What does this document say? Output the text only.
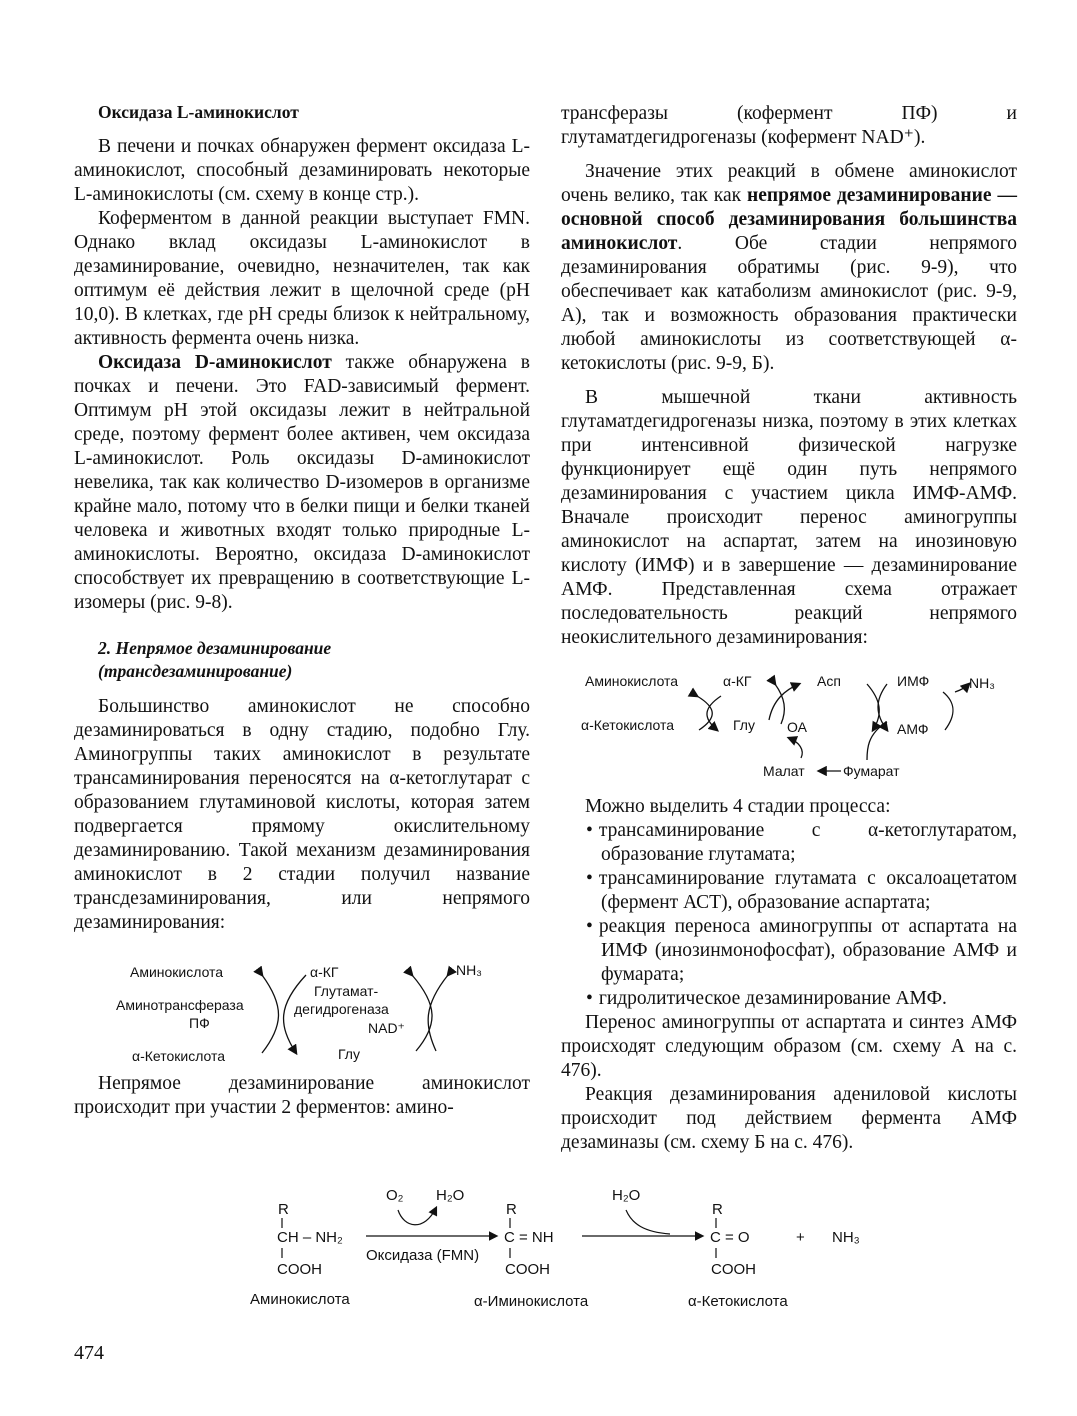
Оксидаза L-аминокислот

В печени и почках обнаружен фермент оксидаза L-аминокислот, способный дезаминировать некоторые L-аминокислоты (см. схему в конце стр.).

Коферментом в данной реакции выступает FMN. Однако вклад оксидазы L-аминокислот в дезаминирование, очевидно, незначителен, так как оптимум её действия лежит в щелочной среде (pH 10,0). В клетках, где pH среды близок к нейтральному, активность фермента очень низка.

Оксидаза D-аминокислот также обнаружена в почках и печени. Это FAD-зависимый фермент. Оптимум pH этой оксидазы лежит в нейтральной среде, поэтому фермент более активен, чем оксидаза L-аминокислот. Роль оксидазы D-аминокислот невелика, так как количество D-изомеров в организме крайне мало, потому что в белки пищи и белки тканей человека и животных входят только природные L-аминокислоты. Вероятно, оксидаза D-аминокислот способствует их превращению в соответствующие L-изомеры (рис. 9-8).

2. Непрямое дезаминирование
(трансдезаминирование)

Большинство аминокислот не способно дезаминироваться в одну стадию, подобно Глу. Аминогруппы таких аминокислот в результате трансаминирования переносятся на α-кетоглутарат с образованием глутаминовой кислоты, которая затем подвергается прямому окислительному дезаминированию. Такой механизм дезаминирования аминокислот в 2 стадии получил название трансдезаминирования, или непрямого дезаминирования:

Аминокислота
Аминотрансфераза
ПФ
α-Кетокислота
α-КГ
Глутамат-
дегидрогеназа
NAD⁺
Глу
NH₃

Непрямое дезаминирование аминокислот происходит при участии 2 ферментов: амино-

трансферазы (кофермент ПФ) и глутаматдегидрогеназы (кофермент NAD⁺).

Значение этих реакций в обмене аминокислот очень велико, так как непрямое дезаминирование — основной способ дезаминирования большинства аминокислот. Обе стадии непрямого дезаминирования обратимы (рис. 9-9), что обеспечивает как катаболизм аминокислот (рис. 9-9, А), так и возможность образования практически любой аминокислоты из соответствующей α-кетокислоты (рис. 9-9, Б).

В мышечной ткани активность глутаматдегидрогеназы низка, поэтому в этих клетках при интенсивной физической нагрузке функционирует ещё один путь непрямого дезаминирования с участием цикла ИМФ-АМФ. Вначале происходит перенос аминогруппы аминокислот на аспартат, затем на инозиновую кислоту (ИМФ) и в завершение — дезаминирование АМФ. Представленная схема отражает последовательность реакций непрямого неокислительного дезаминирования:

Аминокислота
α-Кетокислота
α-КГ
Глу
Асп
ОА
ИМФ
АМФ
NH₃
Малат	Фумарат

Можно выделить 4 стадии процесса:

• трансаминирование с α-кетоглутаратом, образование глутамата;
• трансаминирование глутамата с оксалоацетатом (фермент АСТ), образование аспартата;
• реакция переноса аминогруппы от аспартата на ИМФ (инозинмонофосфат), образование АМФ и фумарата;
• гидролитическое дезаминирование АМФ.

Перенос аминогруппы от аспартата и синтез АМФ происходят следующим образом (см. схему А на с. 476).

Реакция дезаминирования адениловой кислоты происходит под действием фермента АМФ дезаминазы (см. схему Б на с. 476).

R
CH – NH₂
COOH
Аминокислота
O₂ H₂O
Оксидаза (FMN)
R
C = NH
COOH
α-Иминокислота
H₂O
R
C = O
COOH
α-Кетокислота
+ NH₃
474
